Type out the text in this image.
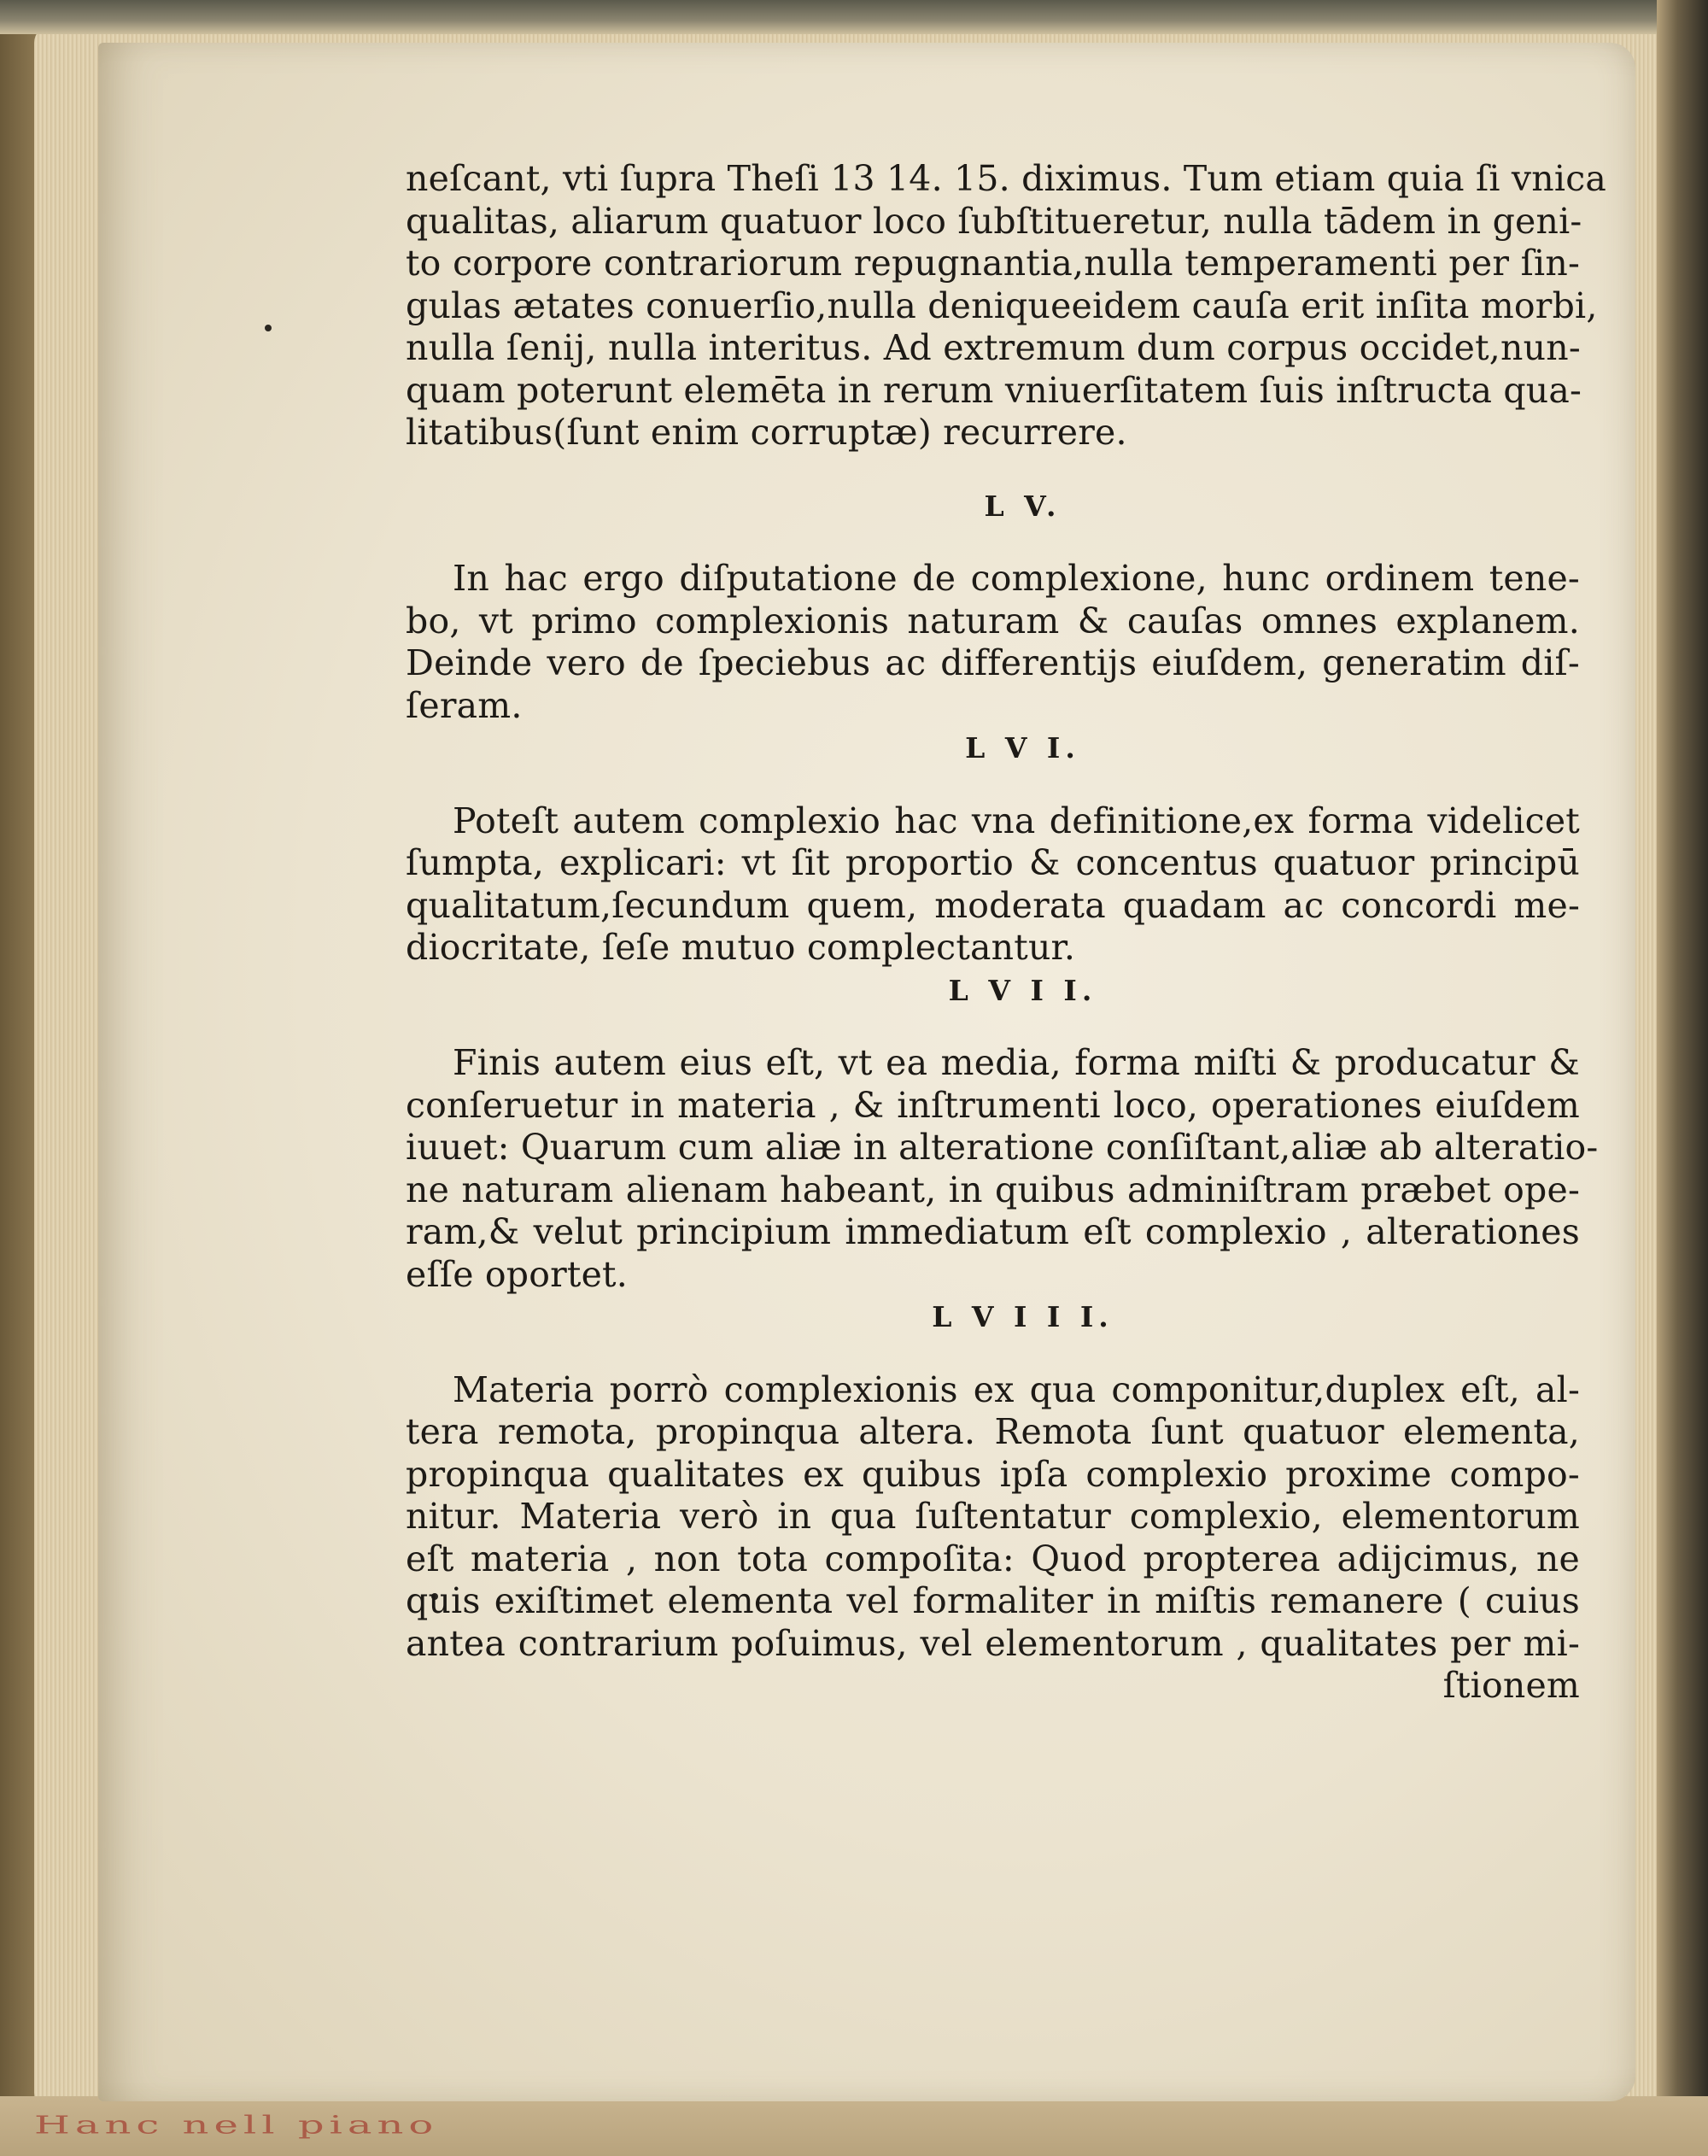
Hanc nell piano
neſcant, vti ſupra Theſi 13 14. 15. diximus. Tum etiam quia ſi vnica
qualitas, aliarum quatuor loco ſubſtitueretur, nulla tādem in geni-
to corpore contrariorum repugnantia,nulla temperamenti per ſin-
gulas ætates conuerſio,nulla deniqueeidem cauſa erit inſita morbi,
nulla ſenij, nulla interitus. Ad extremum dum corpus occidet,nun-
quam poterunt elemēta in rerum vniuerſitatem ſuis inſtructa qua-
litatibus(ſunt enim corruptæ) recurrere.
L V.
In hac ergo diſputatione de complexione, hunc ordinem tene-
bo, vt primo complexionis naturam & cauſas omnes explanem.
Deinde vero de ſpeciebus ac differentijs eiuſdem, generatim diſ-
ſeram.
L V I.
Poteſt autem complexio hac vna definitione,ex forma videlicet
ſumpta, explicari: vt ſit proportio & concentus quatuor principū
qualitatum,ſecundum quem, moderata quadam ac concordi me-
diocritate, ſeſe mutuo complectantur.
L V I I.
Finis autem eius eſt, vt ea media, forma miſti & producatur &
conſeruetur in materia , & inſtrumenti loco, operationes eiuſdem
iuuet: Quarum cum aliæ in alteratione conſiſtant,aliæ ab alteratio-
ne naturam alienam habeant, in quibus adminiſtram præbet ope-
ram,& velut principium immediatum eſt complexio , alterationes
eſſe oportet.
L V I I I.
Materia porrò complexionis ex qua componitur,duplex eſt, al-
tera remota, propinqua altera. Remota ſunt quatuor elementa,
propinqua qualitates ex quibus ipſa complexio proxime compo-
nitur. Materia verò in qua ſuſtentatur complexio, elementorum
eſt materia , non tota compoſita: Quod propterea adijcimus, ne
quis exiſtimet elementa vel formaliter in miſtis remanere ( cuius
antea contrarium poſuimus, vel elementorum , qualitates per mi-
ſtionem
